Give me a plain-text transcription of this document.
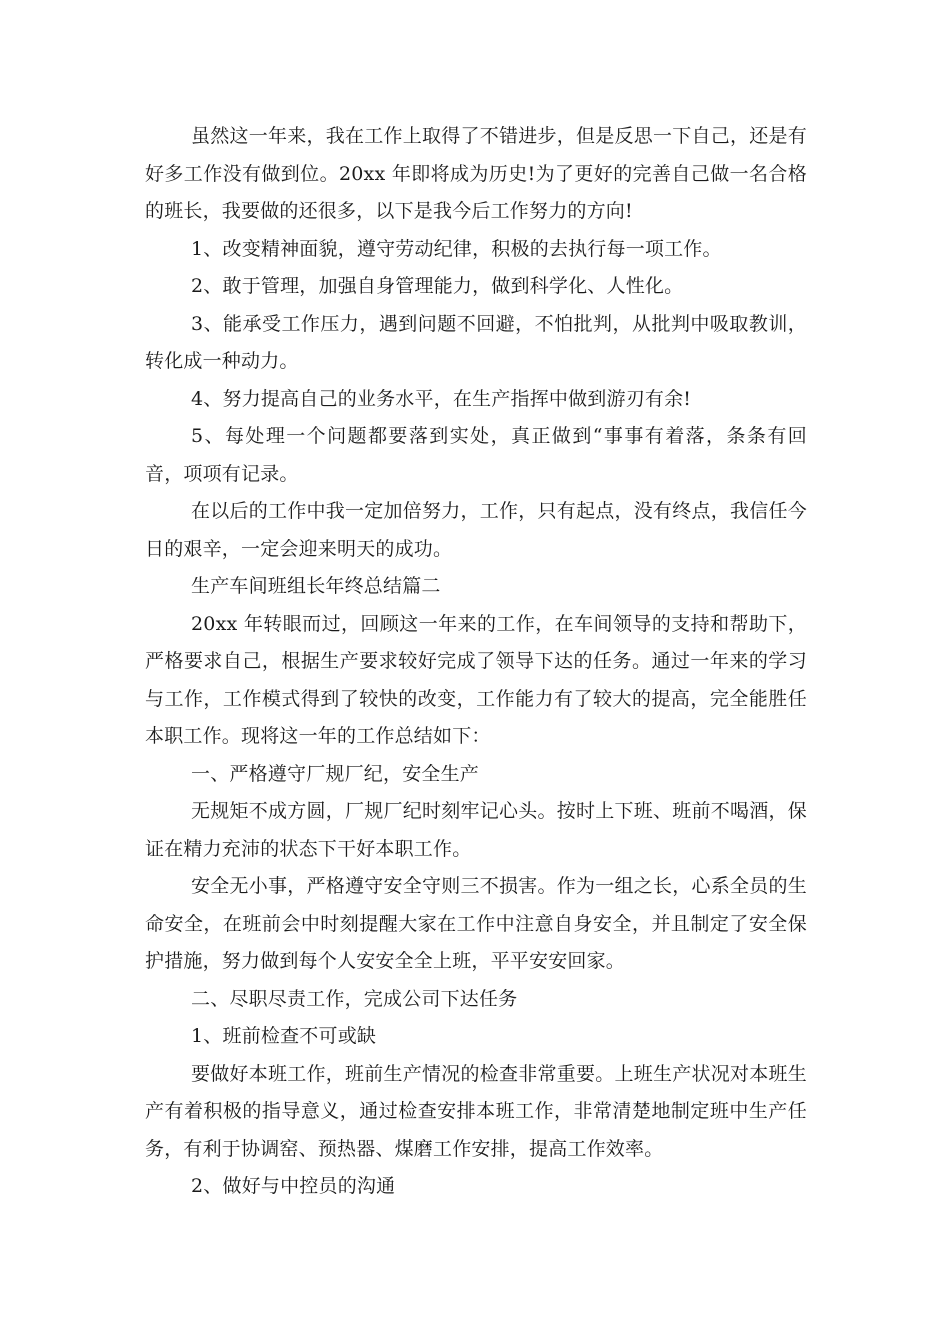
虽然这一年来，我在工作上取得了不错进步，但是反思一下自己，还是有好多工作没有做到位。20xx 年即将成为历史!为了更好的完善自己做一名合格的班长，我要做的还很多，以下是我今后工作努力的方向!

1、改变精神面貌，遵守劳动纪律，积极的去执行每一项工作。

2、敢于管理，加强自身管理能力，做到科学化、人性化。

3、能承受工作压力，遇到问题不回避，不怕批判，从批判中吸取教训，转化成一种动力。

4、努力提高自己的业务水平，在生产指挥中做到游刃有余!

5、每处理一个问题都要落到实处，真正做到“事事有着落，条条有回音，项项有记录。

在以后的工作中我一定加倍努力，工作，只有起点，没有终点，我信任今日的艰辛，一定会迎来明天的成功。

生产车间班组长年终总结篇二

20xx 年转眼而过，回顾这一年来的工作，在车间领导的支持和帮助下，严格要求自己，根据生产要求较好完成了领导下达的任务。通过一年来的学习与工作，工作模式得到了较快的改变，工作能力有了较大的提高，完全能胜任本职工作。现将这一年的工作总结如下：

一、严格遵守厂规厂纪，安全生产

无规矩不成方圆，厂规厂纪时刻牢记心头。按时上下班、班前不喝酒，保证在精力充沛的状态下干好本职工作。

安全无小事，严格遵守安全守则三不损害。作为一组之长，心系全员的生命安全，在班前会中时刻提醒大家在工作中注意自身安全，并且制定了安全保护措施，努力做到每个人安安全全上班，平平安安回家。

二、尽职尽责工作，完成公司下达任务

1、班前检查不可或缺

要做好本班工作，班前生产情况的检查非常重要。上班生产状况对本班生产有着积极的指导意义，通过检查安排本班工作，非常清楚地制定班中生产任务，有利于协调窑、预热器、煤磨工作安排，提高工作效率。

2、做好与中控员的沟通
